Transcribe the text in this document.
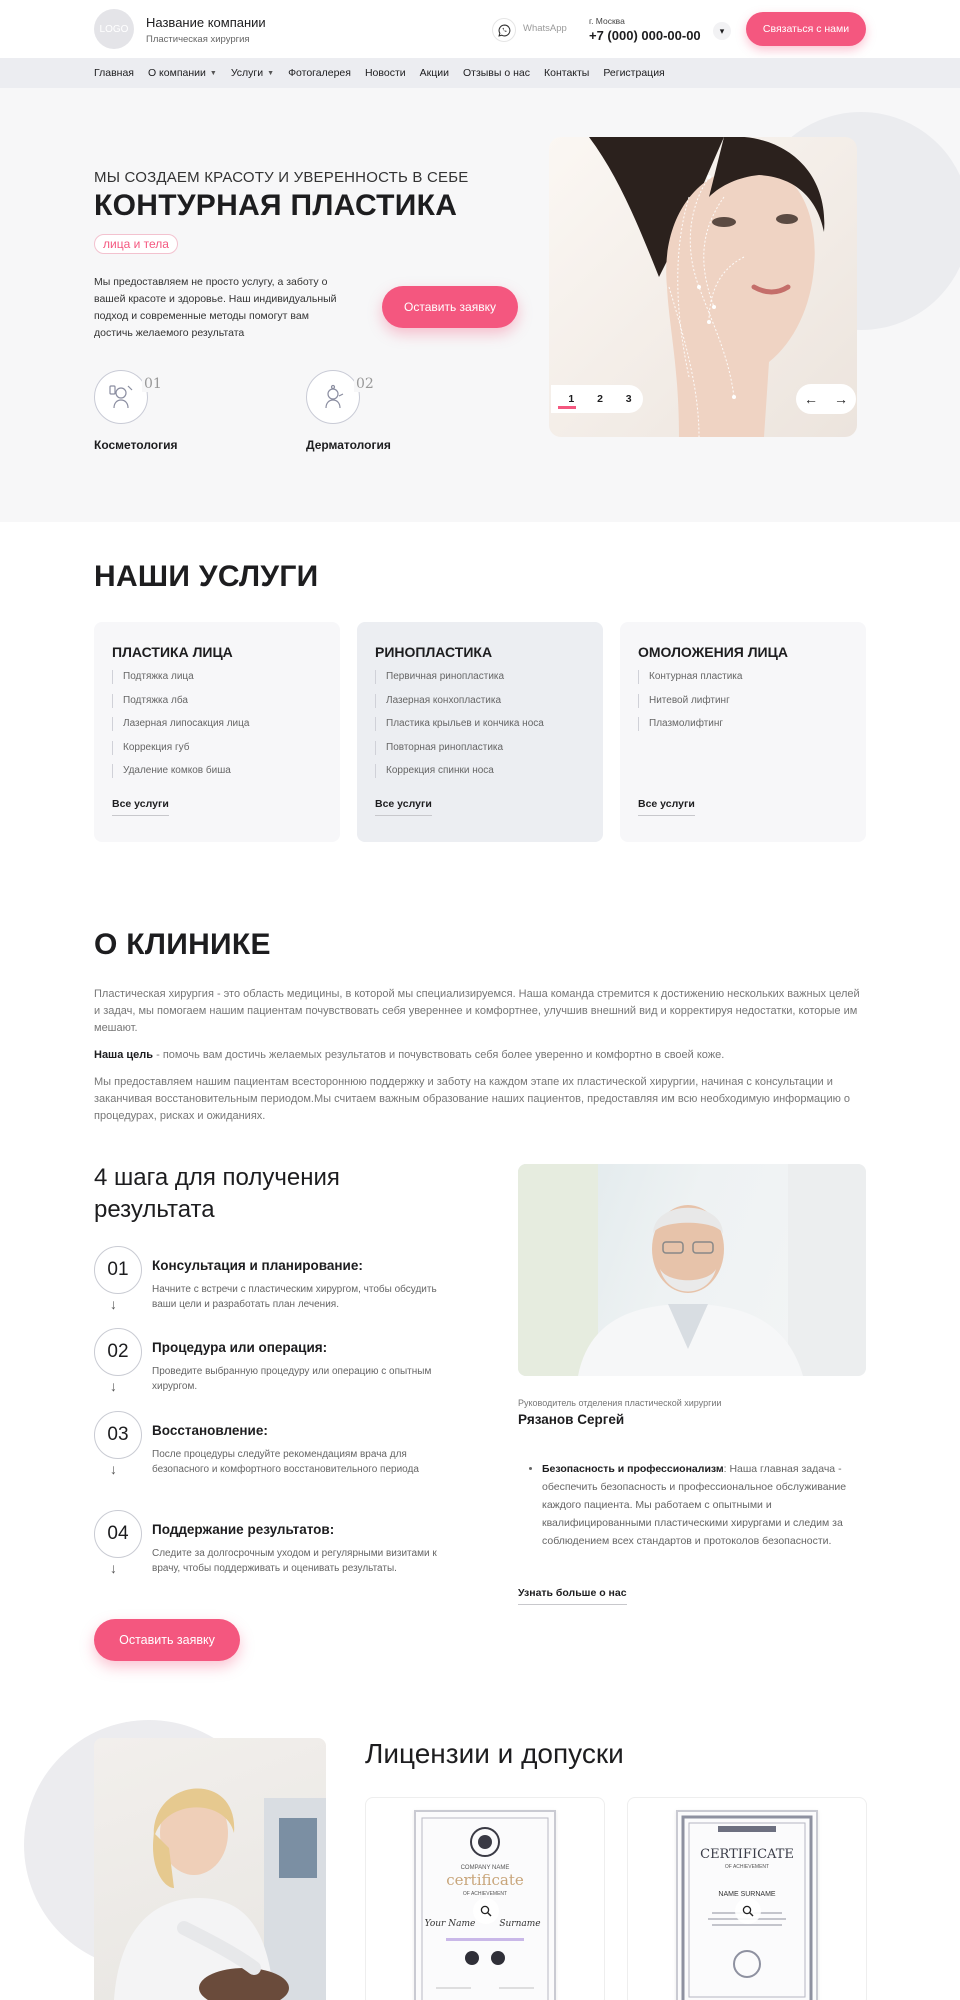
LOGO	Название компании
Пластическая хирургия
WhatsApp
г. Москва
+7 (000) 000-00-00	▾	Связаться с нами
Главная О компании ▼ Услуги ▼ Фотогалерея Новости Акции Отзывы о нас Контакты Регистрация
МЫ СОЗДАЕМ КРАСОТУ И УВЕРЕННОСТЬ В СЕБЕ
КОНТУРНАЯ ПЛАСТИКА
лица и тела
Мы предоставляем не просто услугу, а заботу о вашей красоте и здоровье. Наш индивидуальный подход и современные методы помогут вам достичь желаемого результата
Оставить заявку
01
Косметология
02
Дерматология
1 2 3	← →
НАШИ УСЛУГИ
ПЛАСТИКА ЛИЦА
Подтяжка лица
Подтяжка лба
Лазерная липосакция лица
Коррекция губ
Удаление комков биша
Все услуги
РИНОПЛАСТИКА
Первичная ринопластика
Лазерная конхопластика
Пластика крыльев и кончика носа
Повторная ринопластика
Коррекция спинки носа
Все услуги
ОМОЛОЖЕНИЯ ЛИЦА
Контурная пластика
Нитевой лифтинг
Плазмолифтинг
Все услуги
О КЛИНИКЕ

Пластическая хирургия - это область медицины, в которой мы специализируемся. Наша команда стремится к достижению нескольких важных целей и задач, мы помогаем нашим пациентам почувствовать себя увереннее и комфортнее, улучшив внешний вид и корректируя недостатки, которые им мешают.

Наша цель - помочь вам достичь желаемых результатов и почувствовать себя более уверенно и комфортно в своей коже.

Мы предоставляем нашим пациентам всестороннюю поддержку и заботу на каждом этапе их пластической хирургии, начиная с консультации и заканчивая восстановительным периодом.Мы считаем важным образование наших пациентов, предоставляя им всю необходимую информацию о процедурах, рисках и ожиданиях.

4 шага для получения результата
01
↓
Консультация и планирование:
Начните с встречи с пластическим хирургом, чтобы обсудить ваши цели и разработать план лечения.
02
↓
Процедура или операция:
Проведите выбранную процедуру или операцию с опытным хирургом.
03
↓
Восстановление:
После процедуры следуйте рекомендациям врача для безопасного и комфортного восстановительного периода
04
↓
Поддержание результатов:
Следите за долгосрочным уходом и регулярными визитами к врачу, чтобы поддерживать и оценивать результаты.
Оставить заявку
Руководитель отделения пластической хирургии
Рязанов Сергей
• Безопасность и профессионализм: Наша главная задача - обеспечить безопасность и профессиональное обслуживание каждого пациента. Мы работаем с опытными и квалифицированными пластическими хирургами и следим за соблюдением всех стандартов и протоколов безопасности.
Узнать больше о нас
Лицензии и допуски
COMPANY NAME
certificate
OF ACHIEVEMENT
Your Name	Surname
CERTIFICATE
OF ACHIEVEMENT
NAME SURNAME
